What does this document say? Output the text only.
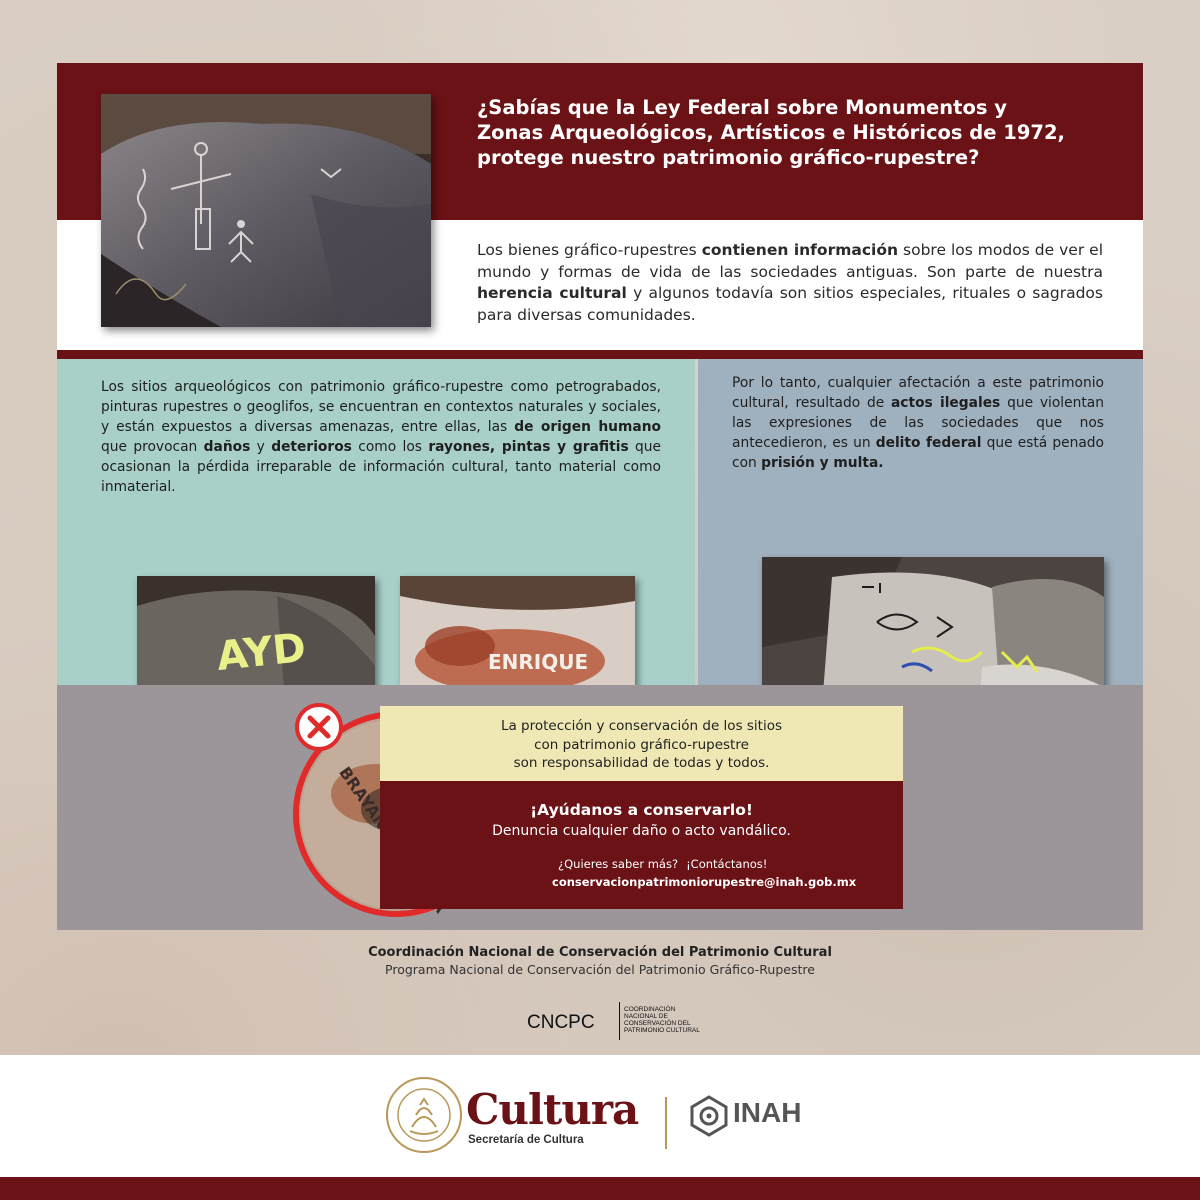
¿Sabías que la Ley Federal sobre Monumentos y Zonas Arqueológicos, Artísticos e Históricos de 1972, protege nuestro patrimonio gráfico-rupestre?

Los bienes gráfico-rupestres contienen información sobre los modos de ver el mundo y formas de vida de las sociedades antiguas. Son parte de nuestra herencia cultural y algunos todavía son sitios especiales, rituales o sagrados para diversas comunidades.

Los sitios arqueológicos con patrimonio gráfico-rupestre como petrograbados, pinturas rupestres o geoglifos, se encuentran en contextos naturales y sociales, y están expuestos a diversas amenazas, entre ellas, las de origen humano que provocan daños y deterioros como los rayones, pintas y grafitis que ocasionan la pérdida irreparable de información cultural, tanto material como inmaterial.

AYD	ENRIQUE

Por lo tanto, cualquier afectación a este patrimonio cultural, resultado de actos ilegales que violentan las expresiones de las sociedades que nos antecedieron, es un delito federal que está penado con prisión y multa.

BRAYAN
La protección y conservación de los sitios
con patrimonio gráfico-rupestre
son responsabilidad de todas y todos.
¡Ayúdanos a conservarlo!
Denuncia cualquier daño o acto vandálico.
¿Quieres saber más? ¡Contáctanos!
conservacionpatrimoniorupestre@inah.gob.mx
Coordinación Nacional de Conservación del Patrimonio Cultural
Programa Nacional de Conservación del Patrimonio Gráfico-Rupestre
CNCPC
COORDINACIÓN NACIONAL DE CONSERVACIÓN DEL PATRIMONIO CULTURAL
Cultura
Secretaría de Cultura
INAH
